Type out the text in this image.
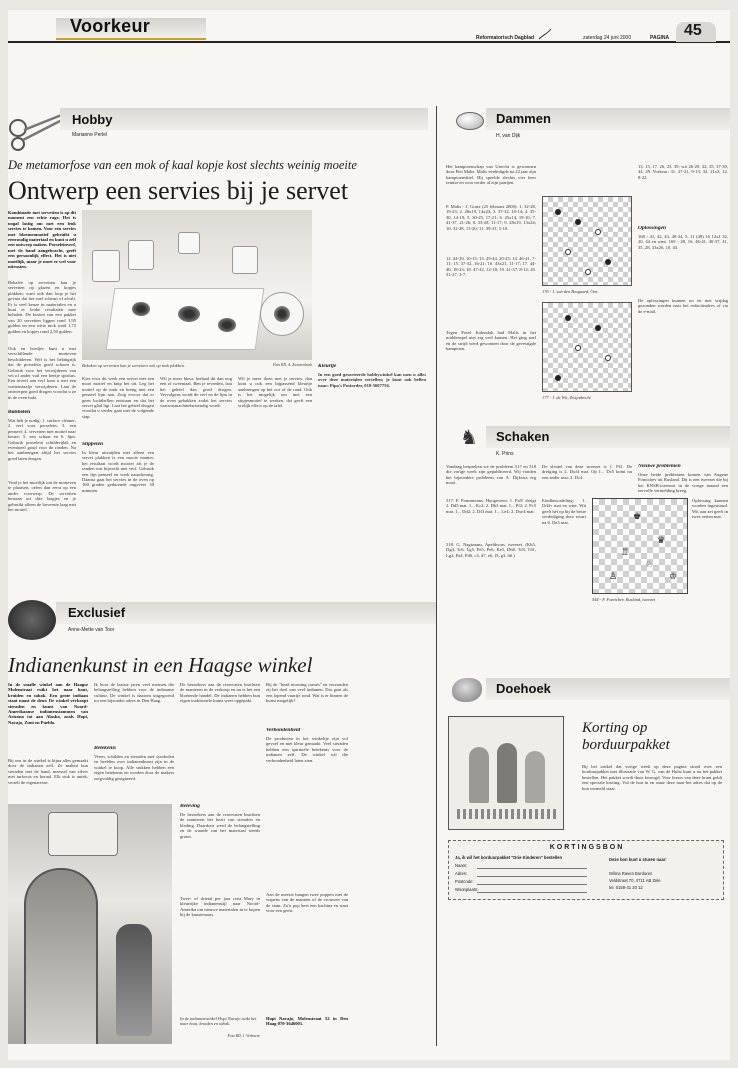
Voorkeur
Reformatorisch Dagblad	zaterdag 24 juni 2000	PAGINA 45
Hobby
Marianne Perlel
De metamorfose van een mok of kaal kopje kost slechts weinig moeite
Ontwerp een servies bij je servet
Kombinatie met servetten is op dit moment een echte rage. Het is nogal lastig om met een leuk servies te komen. Voor een servies met bloemenmotief gebruikt u eenvoudig materiaal en kunt u zelf een ontwerp maken. Porseleinverf, met de hand aangebracht, geeft een persoonlijk effect. Het is niet moeilijk, maar je moet er wel voor uitrusten.
Behalve op servetten kan je servetten op glazen en kopjes plakken; want ook dan loop je het gevaar dat het snel scheurt of afvalt. Er is veel keuze in materialen en u kunt er leuke resultaten mee behalen. De kosten van een pakket van 20 servetten liggen rond 1,95 gulden en een witte mok rond 1,75 gulden en kopjes rond 2,50 gulden.
Ook en bordjes kunt u met verschillende motieven beschilderen. Wel is het belangrijk dat de porselein goed schoon is. Gebruik voor het verwijderen van vet of ander vuil een beetje spiritus. Een teveel aan verf kunt u met een wattenstaafje verwijderen. Laat de ontwerpen goed drogen voordat u ze in de oven bakt.
Bobbelen
Wat heb je nodig: 1. surface cleaner; 2. verf voor porselein; 3. een penseel; 4. servetten met motief naar keuze; 5. een schaar en 6. lijm. Gebruik porselein schilderijlak en eventueel goud voor de randen. Na het aanbrengen altijd het servies goed laten drogen.
Vind je het moeilijk om de motieven te plaatsen, oefen dan eerst op een ander voorwerp. De servetten bestaan uit drie laagjes en je gebruikt alleen de bovenste laag met het motief.
Bekeken op servetten kan je servetten ook op mok plakken.	Foto RD, A. Zwartenhoek
Kies voor dit werk een servet met een mooi motief en knip het uit. Leg het motief op de mok en breng met een penseel lijm aan. Zorg ervoor dat er geen luchtbellen ontstaan en dat het servet glad ligt. Laat het geheel drogen voordat u verder gaat met de volgende stap.
Stippelen
In kleur uitsnijden met alleen een servet plakken is een mooie manier, het resultaat wordt mooier als je de randen wat bijwerkt met verf. Gebruik een fijn penseel en werk nauwkeurig. Daarna gaat het servies in de oven op 160 graden gedurende ongeveer 30 minuten.
Wil je meer kleur, herhaal dit dan nog een of tweemaal. Ben je tevreden, laat het geheel dan goed drogen. Vervolgens wordt de verf en de lijm in de oven gebakken zodat het servies vaatwasmachinebestendig wordt.
Wil je meer doen met je servies, dan kunt u ook een bijpassend kleurtje aanbrengen op het oor of de rand. Ook is het mogelijk om met een stipjesmotief te werken, dat geeft een vrolijk effect op de tafel.
Kleurtje
In een goed gesorteerde hobbywinkel kan men u alles over deze materialen vertellen; je kunt ook bellen naar: Pipo's Postorder, 010-5607756.
Dammen
H. van Dijk
Het kampioenschap van Utrecht is gewonnen door Piet Malis. Malis verdedigde na 22 jaar zijn kampioenstitel. Hij speelde slechts vier keer remise en won verder al zijn partijen.
P. Malis - J. Grutz (25 februari 2000): 1. 32-28, 19-23; 2. 28x19, 14x23; 3. 37-32, 10-14; 4. 35-30, 14-19; 5. 30-25, 17-21; 6. 25x14, 19-10; 7. 41-37, 21-26; 8. 33-28, 11-17; 9. 28x19, 13x24; 10. 32-28, 15-20; 11. 39-33, 5-10.
12. 44-39, 10-15; 13. 49-44, 20-25; 14. 46-41, 7-11; 15. 37-32, 16-21; 16. 43x21, 11-17; 17. 44-40, 18-23; 18. 47-42, 12-18; 19. 41-37, 8-12; 20. 31-27, 1-7.
Tegen Pavel Kalenduk had Malis in het middenspel niet erg veel kansen. Het ging snel en de strijd werd gewonnen door de gevestigde kampioen.
176 - J. van den Bosgaard, Ons
177 - J. de Wit, Zwijndrecht
13. 15, 17. 26, 23, 39; wit 26-29, 32, 35, 37-39, 44, 49. Vorkeur: 31. 27-21, 9-13; 32. 21x3, 12. 8-22.
Oplossingen
168 - 41, 42, 43, 40-34, 5, 11 (49) 16 12x1 32, 20, 44 en wint. 169 - 28, 16, 46-41, 40-37, 41, 35, 28, 33x26, 10, 43.
De oplossingen kunnen tot en met vrijdag gezonden worden naar het redactieadres of via de e-mail.
♞ Schaken
K. Prins
Vandaag bespreken we de probleem 517 en 518 die vorige week zijn gepubliceerd. Wij vonden het bijzondere probleem van A. Dijkstra erg mooi.
517. F. Pommerans, Hoogeveen: 1. Pa5! dreigt 2. Dd5 mat. 1... Kc2; 2. Db3 mat. 1... Pf2; 2. Pc5 mat. 1... Dd2; 2. Df3 mat. 1... Le4; 2. Dxe4 mat.
518. G. Nagtzaam, Apeldoorn, tweezet. (Kb5, Dg4, Tc6, Lg5, Pe5, Pe6; Ke5, Dh8, Tc8, Td1, Lg2, Pa4, Pd6, c3, d7, e6, f5, g3, h6.)
De sleutel van deze tweezet is 1. Pf2. De dreiging is 2. Dxf4 mat. Op 1... Dc5 komt nu een ander mat: 2. Dc4.
Eindbeoordeling: 1. Dd4+ mat en wint. Wit geeft het op bij de beste verdediging door zwart na 6. De3 mat.
♚
♛
♖
♘
♙	♔
544 - F. Fomichev, Rusland, tweezet
Nieuwe problemen
Onze beide problemen komen van Eugene Fomichev uit Rusland. Dit is een tweezet die bij het KNSB-toernooi in de vorige maand een eervolle vermelding kreeg.
Oplossing kunnen worden ingestuurd. Wit aan zet geeft in twee zetten mat.
Exclusief
Anne-Mette van Toor
Indianenkunst in een Haagse winkel
In de smalle winkel aan de Haagse Molenstraat ruikt het naar hout, kruiden en tabak. Een grote indiaan staat naast de deur. De winkel verkoopt sieraden en kunst van Noord-Amerikaanse indianenstammen van Arizona tot aan Alaska, zoals Hopi, Navajo, Zuni en Pueblo.
Bij ons in de winkel is bijna alles gemaakt door de indianen zelf. Ze maken hun sieraden met de hand, meestal van zilver met turkoois en koraal. Elk stuk is uniek, vertelt de eigenaresse.
Ik hoor de laatste jaren veel mensen die belangstelling hebben voor de indiaanse cultuur. De winkel is daarom uitgegroeid tot een bijzonder adres in Den Haag.
Betekenis
Veren, schilden en sieraden met symbolen en beelden over indianenkunst zijn in de winkel te koop. Alle stukken hebben een eigen betekenis en worden door de makers zorgvuldig gesigneerd.
De bezoekers aan de reservaten brachten de manieren in de verkoop en nu is het een bloeiende handel. De indianen hebben hun eigen traditionele kunst weer opgepakt.
Beleving
De bezoekers aan de reservaten brachten de manieren het bezit van sieraden en kleding. Daardoor werd de belangstelling en de waarde van het materiaal steeds groter.
Twee- of drietal per jaar reist Mary in kleurrijke indianenstijl naar Noord-Amerika om nieuwe materialen in te kopen bij de kunstenaars.
In de indianenwinkel Hopi Navajo ruikt het naar hout, kruiden en tabak.
Foto RD, J. Verhoeve
Bij de "head morning comes" en verzonden zij het doel van veel indianen. Dat gaat als een lopend vuurtje rond. Wat is er binnen de kunst mogelijk?
Verbondenheid
De producten in het winkeltje zijn vol gevoel en met kleur gemaakt. Veel sieraden hebben een spirituele betekenis voor de indianen zelf. De winkel wil die verbondenheid laten zien.
Aan de meeste hangen twee poppen met de wapens van de mannen of de vrouwen van de stam. Zo'n pop heet een kachina en staat voor een geest.
Hopi Navajo, Molenstraat 52 in Den Haag 070-3646001.
Doehoek
Korting op borduurpakket
Bij het artikel dat vorige week op deze pagina stond over een borduurpakket met illustratie van W. G. van de Hulst kunt u nu het pakket bestellen. Het pakket wordt thuis bezorgd. Voor lezers van deze krant geldt een speciale korting. Vul de bon in en stuur deze naar het adres dat op de bon vermeld staat.
KORTINGSBON
Ja, ik wil het borduurpakket "Drie Kinderen" bestellen
Naam:
Adres:
Postcode:
Woonplaats:
Deze bon kunt u sturen naar:
Wilma Raven Borduren
Veldstraat 70, 4711 AB Zele
tel. 0158-41 20 12
